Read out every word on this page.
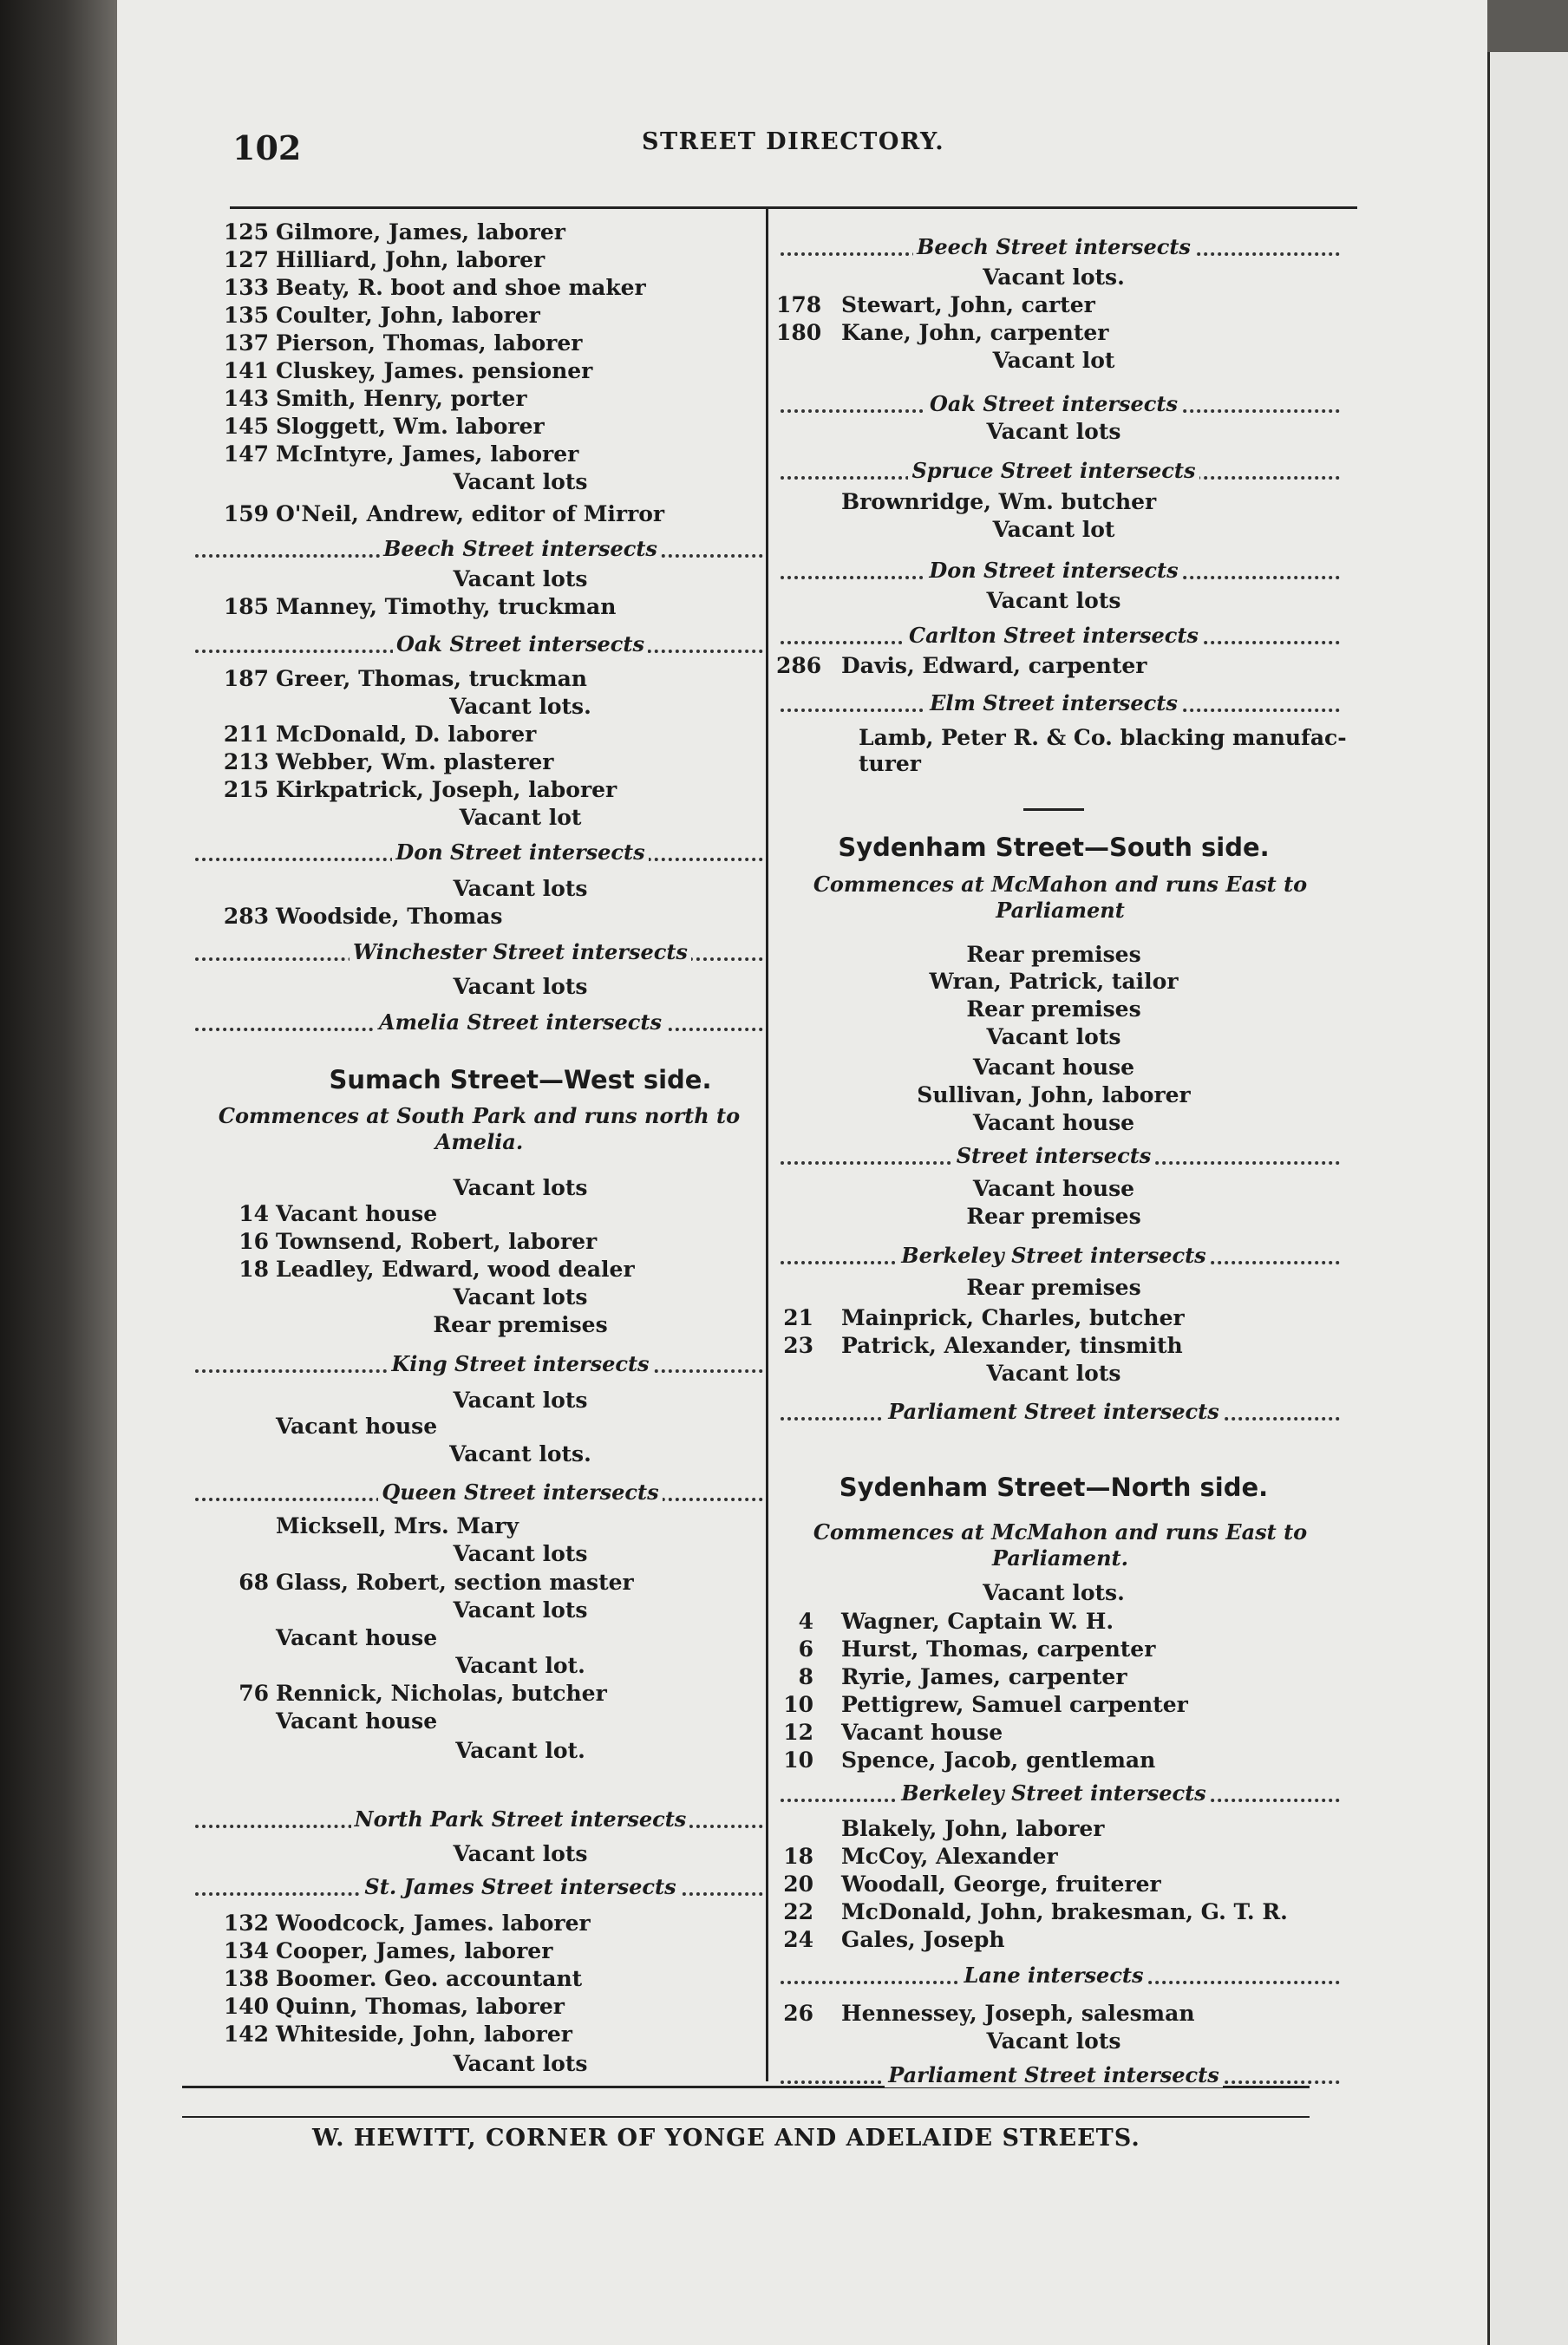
102	STREET DIRECTORY.
125 Gilmore, James, laborer
127 Hilliard, John, laborer
133 Beaty, R. boot and shoe maker
135 Coulter, John, laborer
137 Pierson, Thomas, laborer
141 Cluskey, James. pensioner
143 Smith, Henry, porter
145 Sloggett, Wm. laborer
147 McIntyre, James, laborer
Vacant lots
159 O'Neil, Andrew, editor of Mirror
Beech Street intersects
Vacant lots
185 Manney, Timothy, truckman
Oak Street intersects
187 Greer, Thomas, truckman
Vacant lots.
211 McDonald, D. laborer
213 Webber, Wm. plasterer
215 Kirkpatrick, Joseph, laborer
Vacant lot
Don Street intersects
Vacant lots
283 Woodside, Thomas
Winchester Street intersects
Vacant lots
Amelia Street intersects
Sumach Street—West side.
Commences at South Park and runs north to Amelia.
Vacant lots
14 Vacant house
16 Townsend, Robert, laborer
18 Leadley, Edward, wood dealer
Vacant lots
Rear premises
King Street intersects
Vacant lots
Vacant house
Vacant lots.
Queen Street intersects
Micksell, Mrs. Mary
Vacant lots
68 Glass, Robert, section master
Vacant lots
Vacant house
Vacant lot.
76 Rennick, Nicholas, butcher
Vacant house
Vacant lot.
North Park Street intersects
Vacant lots
St. James Street intersects
132 Woodcock, James. laborer
134 Cooper, James, laborer
138 Boomer. Geo. accountant
140 Quinn, Thomas, laborer
142 Whiteside, John, laborer
Vacant lots
Beech Street intersects
Vacant lots.
178 Stewart, John, carter
180 Kane, John, carpenter
Vacant lot
Oak Street intersects
Vacant lots
Spruce Street intersects
Brownridge, Wm. butcher
Vacant lot
Don Street intersects
Vacant lots
Carlton Street intersects
286 Davis, Edward, carpenter
Elm Street intersects
Lamb, Peter R. & Co. blacking manufac-
turer
Sydenham Street—South side.
Commences at McMahon and runs East to Parliament
Rear premises
Wran, Patrick, tailor
Rear premises
Vacant lots
Vacant house
Sullivan, John, laborer
Vacant house
Street intersects
Vacant house
Rear premises
Berkeley Street intersects
Rear premises
21 Mainprick, Charles, butcher
23 Patrick, Alexander, tinsmith
Vacant lots
Parliament Street intersects
Sydenham Street—North side.
Commences at McMahon and runs East to Parliament.
Vacant lots.
4 Wagner, Captain W. H.
6 Hurst, Thomas, carpenter
8 Ryrie, James, carpenter
10 Pettigrew, Samuel carpenter
12 Vacant house
10 Spence, Jacob, gentleman
Berkeley Street intersects
Blakely, John, laborer
18 McCoy, Alexander
20 Woodall, George, fruiterer
22 McDonald, John, brakesman, G. T. R.
24 Gales, Joseph
Lane intersects
26 Hennessey, Joseph, salesman
Vacant lots
Parliament Street intersects
W. HEWITT, CORNER OF YONGE AND ADELAIDE STREETS.
